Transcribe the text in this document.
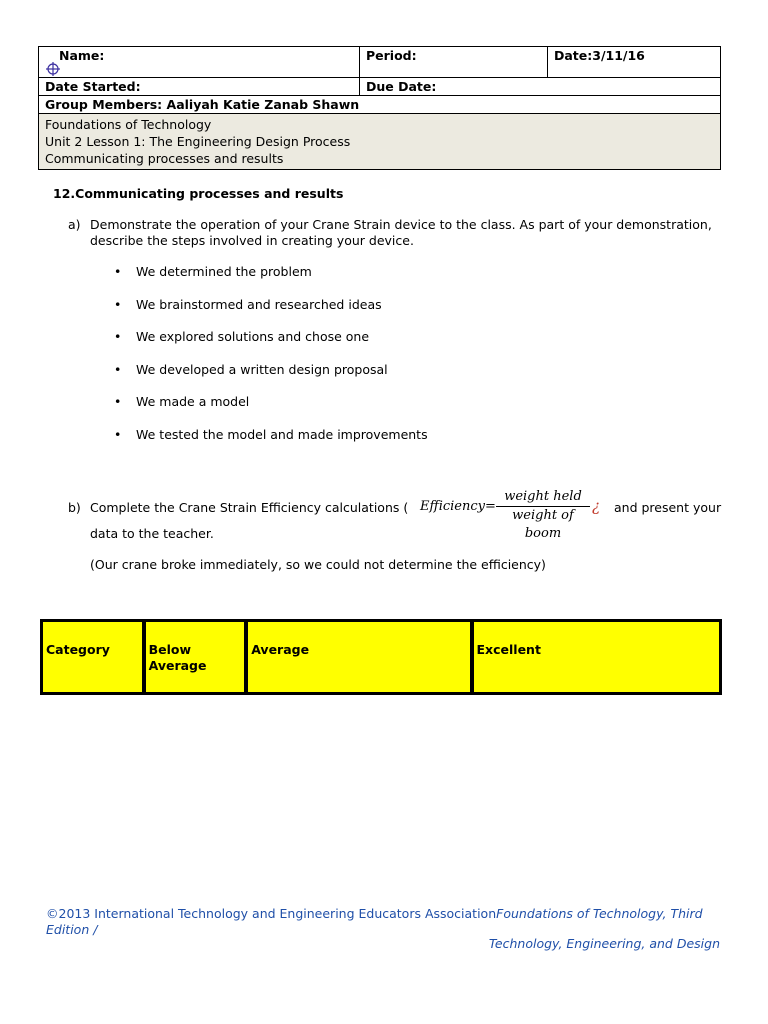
Name:	Period:	Date:3/11/16
Date Started:	Due Date:	
Group Members: Aaliyah Katie Zanab Shawn		

Foundations of Technology
Unit 2 Lesson 1: The Engineering Design Process
Communicating processes and results		
12.Communicating processes and results
a) Demonstrate the operation of your Crane Strain device to the class. As part of your demonstration, describe the steps involved in creating your device.
• We determined the problem
• We brainstormed and researched ideas
• We explored solutions and chose one
• We developed a written design proposal
• We made a model
• We tested the model and made improvements
b) Complete the Crane Strain Efficiency calculations (	and present your
data to the teacher.
(Our crane broke immediately, so we could not determine the efficiency)
Efficiency=
weight held
weight of boom
¿
Category	Below Average	Average	Excellent
©2013 International Technology and Engineering Educators AssociationFoundations of Technology, Third Edition /
Technology, Engineering, and Design
